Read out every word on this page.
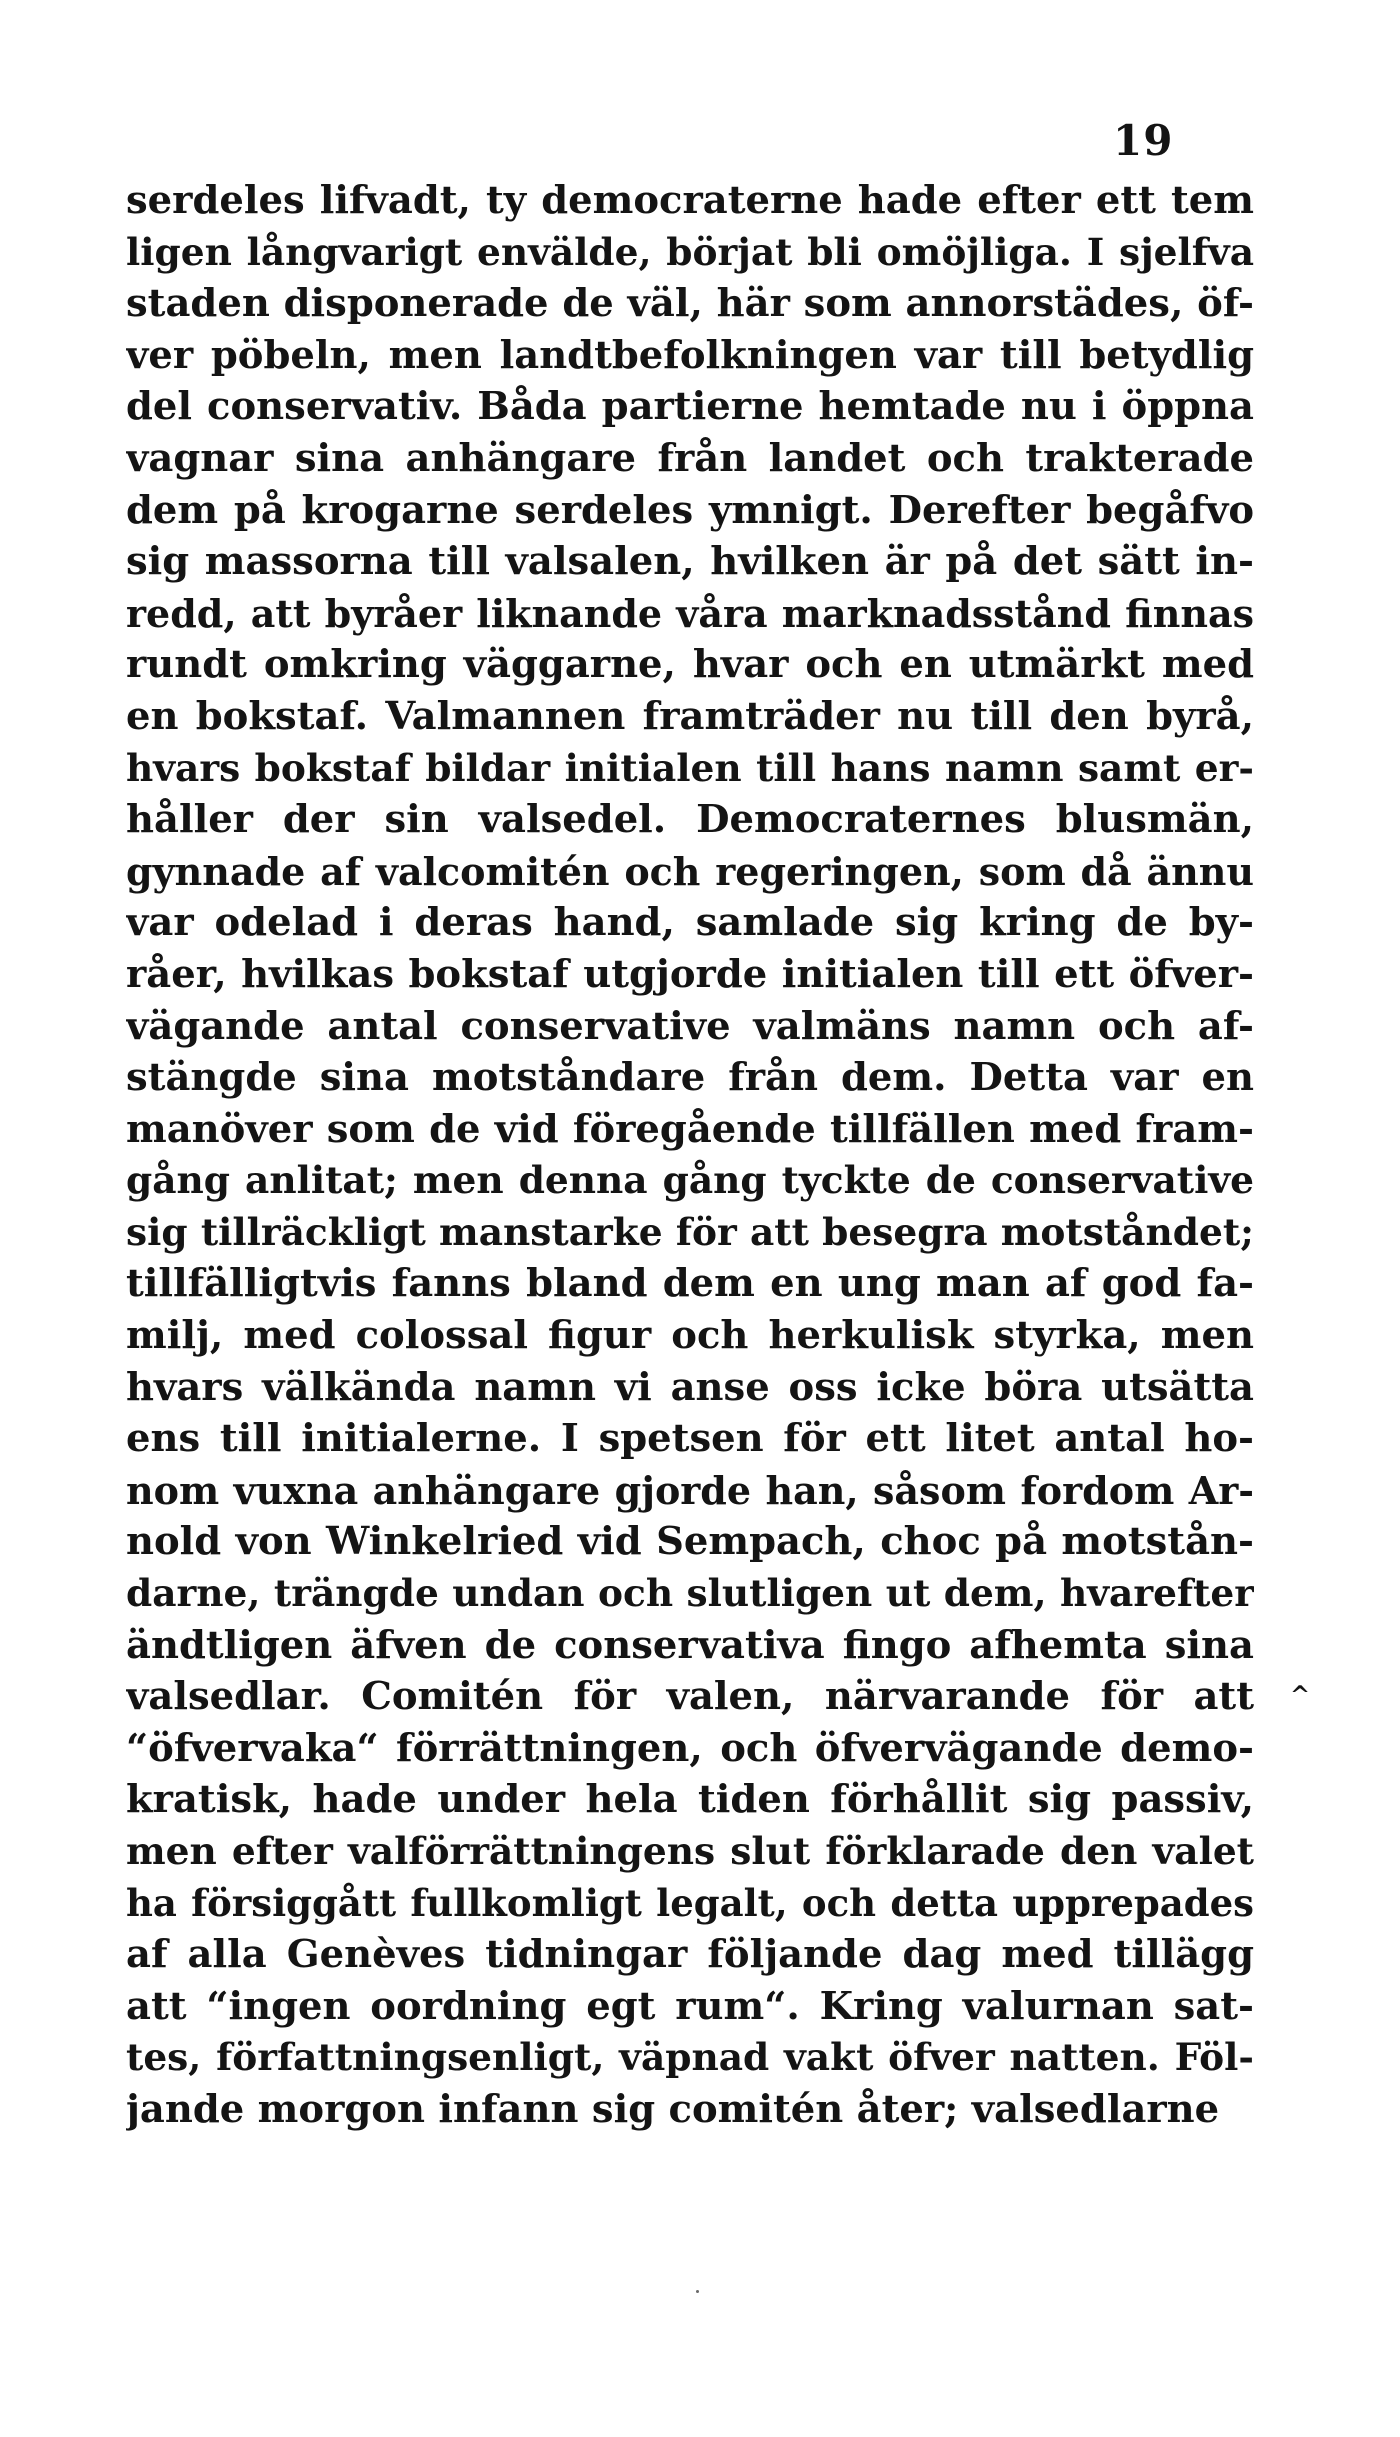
19
serdeles lifvadt, ty democraterne hade efter ett tem
ligen långvarigt envälde, börjat bli omöjliga. I sjelfva
staden disponerade de väl, här som annorstädes, öf-
ver pöbeln, men landtbefolkningen var till betydlig
del conservativ. Båda partierne hemtade nu i öppna
vagnar sina anhängare från landet och trakterade
dem på krogarne serdeles ymnigt. Derefter begåfvo
sig massorna till valsalen, hvilken är på det sätt in-
redd, att byråer liknande våra marknadsstånd finnas
rundt omkring väggarne, hvar och en utmärkt med
en bokstaf. Valmannen framträder nu till den byrå,
hvars bokstaf bildar initialen till hans namn samt er-
håller der sin valsedel. Democraternes blusmän,
gynnade af valcomitén och regeringen, som då ännu
var odelad i deras hand, samlade sig kring de by-
råer, hvilkas bokstaf utgjorde initialen till ett öfver-
vägande antal conservative valmäns namn och af-
stängde sina motståndare från dem. Detta var en
manöver som de vid föregående tillfällen med fram-
gång anlitat; men denna gång tyckte de conservative
sig tillräckligt manstarke för att besegra motståndet;
tillfälligtvis fanns bland dem en ung man af god fa-
milj, med colossal figur och herkulisk styrka, men
hvars välkända namn vi anse oss icke böra utsätta
ens till initialerne. I spetsen för ett litet antal ho-
nom vuxna anhängare gjorde han, såsom fordom Ar-
nold von Winkelried vid Sempach, choc på motstån-
darne, trängde undan och slutligen ut dem, hvarefter
ändtligen äfven de conservativa fingo afhemta sina
valsedlar. Comitén för valen, närvarande för att
“öfvervaka“ förrättningen, och öfvervägande demo-
kratisk, hade under hela tiden förhållit sig passiv,
men efter valförrättningens slut förklarade den valet
ha försiggått fullkomligt legalt, och detta upprepades
af alla Genèves tidningar följande dag med tillägg
att “ingen oordning egt rum“. Kring valurnan sat-
tes, författningsenligt, väpnad vakt öfver natten. Föl-
jande morgon infann sig comitén åter; valsedlarne
^
